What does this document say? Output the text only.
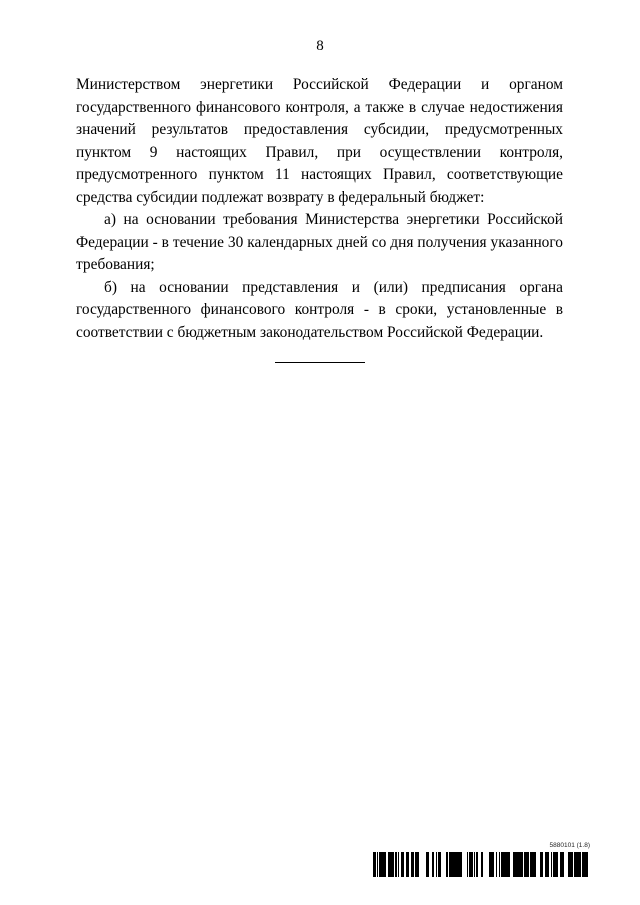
8

Министерством энергетики Российской Федерации и органом государственного финансового контроля, а также в случае недостижения значений результатов предоставления субсидии, предусмотренных пунктом 9 настоящих Правил, при осуществлении контроля, предусмотренного пунктом 11 настоящих Правил, соответствующие средства субсидии подлежат возврату в федеральный бюджет:

а) на основании требования Министерства энергетики Российской Федерации - в течение 30 календарных дней со дня получения указанного требования;

б) на основании представления и (или) предписания органа государственного финансового контроля - в сроки, установленные в соответствии с бюджетным законодательством Российской Федерации.

5880101 (1.8)
